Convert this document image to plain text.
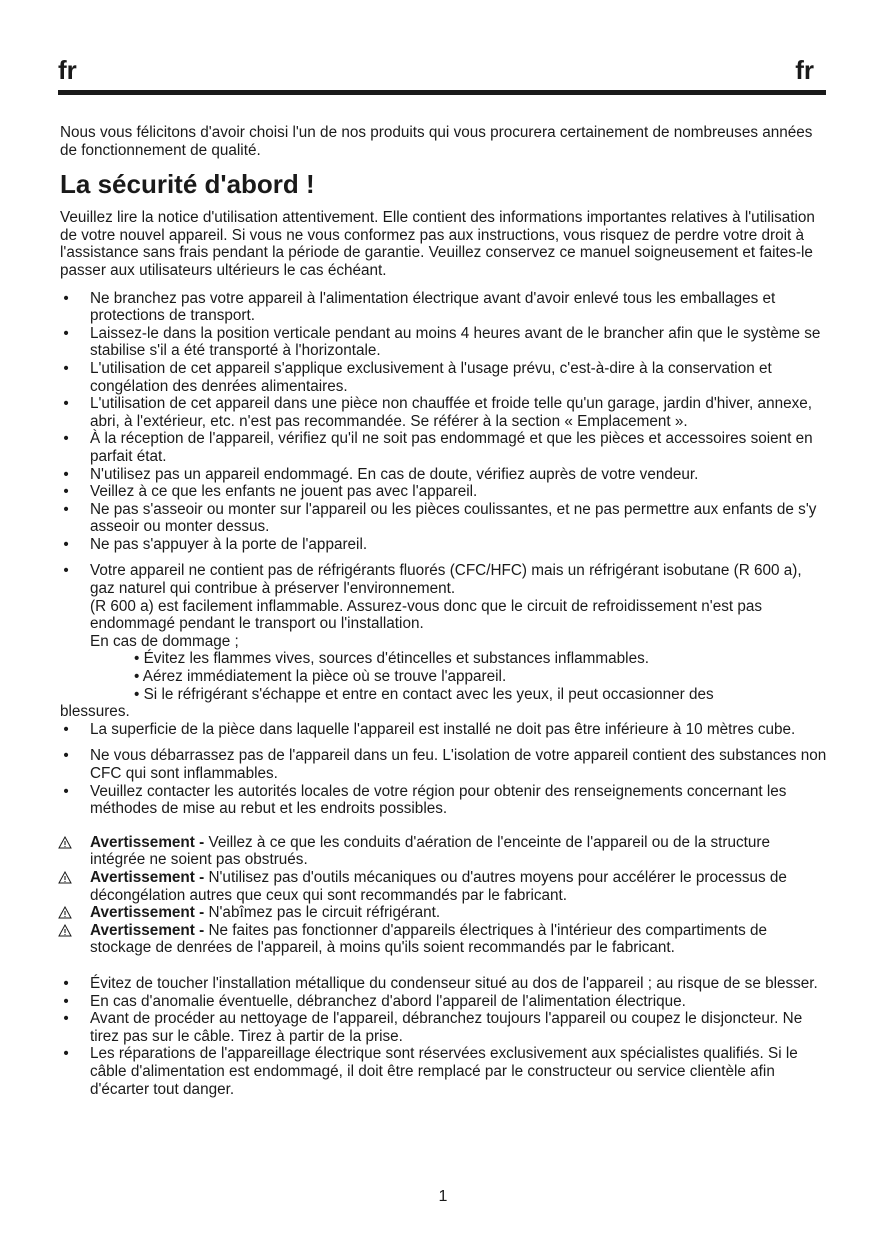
fr	fr

Nous vous félicitons d'avoir choisi l'un de nos produits qui vous procurera certainement de nombreuses années de fonctionnement de qualité.

La sécurité d'abord !

Veuillez lire la notice d'utilisation attentivement. Elle contient des informations importantes relatives à l'utilisation de votre nouvel appareil. Si vous ne vous conformez pas aux instructions, vous risquez de perdre votre droit à l'assistance sans frais pendant la période de garantie. Veuillez conservez ce manuel soigneusement et faites-le passer aux utilisateurs ultérieurs le cas échéant.

• Ne branchez pas votre appareil à l'alimentation électrique avant d'avoir enlevé tous les emballages et protections de transport.
• Laissez-le dans la position verticale pendant au moins 4 heures avant de le brancher afin que le système se stabilise s'il a été transporté à l'horizontale.
• L'utilisation de cet appareil s'applique exclusivement à l'usage prévu, c'est-à-dire à la conservation et congélation des denrées alimentaires.
• L'utilisation de cet appareil dans une pièce non chauffée et froide telle qu'un garage, jardin d'hiver, annexe, abri, à l'extérieur, etc. n'est pas recommandée. Se référer à la section « Emplacement ».
• À la réception de l'appareil, vérifiez qu'il ne soit pas endommagé et que les pièces et accessoires soient en parfait état.
• N'utilisez pas un appareil endommagé. En cas de doute, vérifiez auprès de votre vendeur.
• Veillez à ce que les enfants ne jouent pas avec l'appareil.
• Ne pas s'asseoir ou monter sur l'appareil ou les pièces coulissantes, et ne pas permettre aux enfants de s'y asseoir ou monter dessus.
• Ne pas s'appuyer à la porte de l'appareil.
• Votre appareil ne contient pas de réfrigérants fluorés (CFC/HFC) mais un réfrigérant isobutane (R 600 a), gaz naturel qui contribue à préserver l'environnement.
(R 600 a) est facilement inflammable. Assurez-vous donc que le circuit de refroidissement n'est pas endommagé pendant le transport ou l'installation.
En cas de dommage ;
• Évitez les flammes vives, sources d'étincelles et substances inflammables.
• Aérez immédiatement la pièce où se trouve l'appareil.
• Si le réfrigérant s'échappe et entre en contact avec les yeux, il peut occasionner des
blessures.
• La superficie de la pièce dans laquelle l'appareil est installé ne doit pas être inférieure à 10 mètres cube.
• Ne vous débarrassez pas de l'appareil dans un feu. L'isolation de votre appareil contient des substances non CFC qui sont inflammables.
• Veuillez contacter les autorités locales de votre région pour obtenir des renseignements concernant les méthodes de mise au rebut et les endroits possibles.
Avertissement - Veillez à ce que les conduits d'aération de l'enceinte de l'appareil ou de la structure intégrée ne soient pas obstrués.
Avertissement - N'utilisez pas d'outils mécaniques ou d'autres moyens pour accélérer le processus de décongélation autres que ceux qui sont recommandés par le fabricant.
Avertissement - N'abîmez pas le circuit réfrigérant.
Avertissement - Ne faites pas fonctionner d'appareils électriques à l'intérieur des compartiments de stockage de denrées de l'appareil, à moins qu'ils soient recommandés par le fabricant.
• Évitez de toucher l'installation métallique du condenseur situé au dos de l'appareil ; au risque de se blesser.
• En cas d'anomalie éventuelle, débranchez d'abord l'appareil de l'alimentation électrique.
• Avant de procéder au nettoyage de l'appareil, débranchez toujours l'appareil ou coupez le disjoncteur. Ne tirez pas sur le câble. Tirez à partir de la prise.
• Les réparations de l'appareillage électrique sont réservées exclusivement aux spécialistes qualifiés. Si le câble d'alimentation est endommagé, il doit être remplacé par le constructeur ou service clientèle afin d'écarter tout danger.
1
